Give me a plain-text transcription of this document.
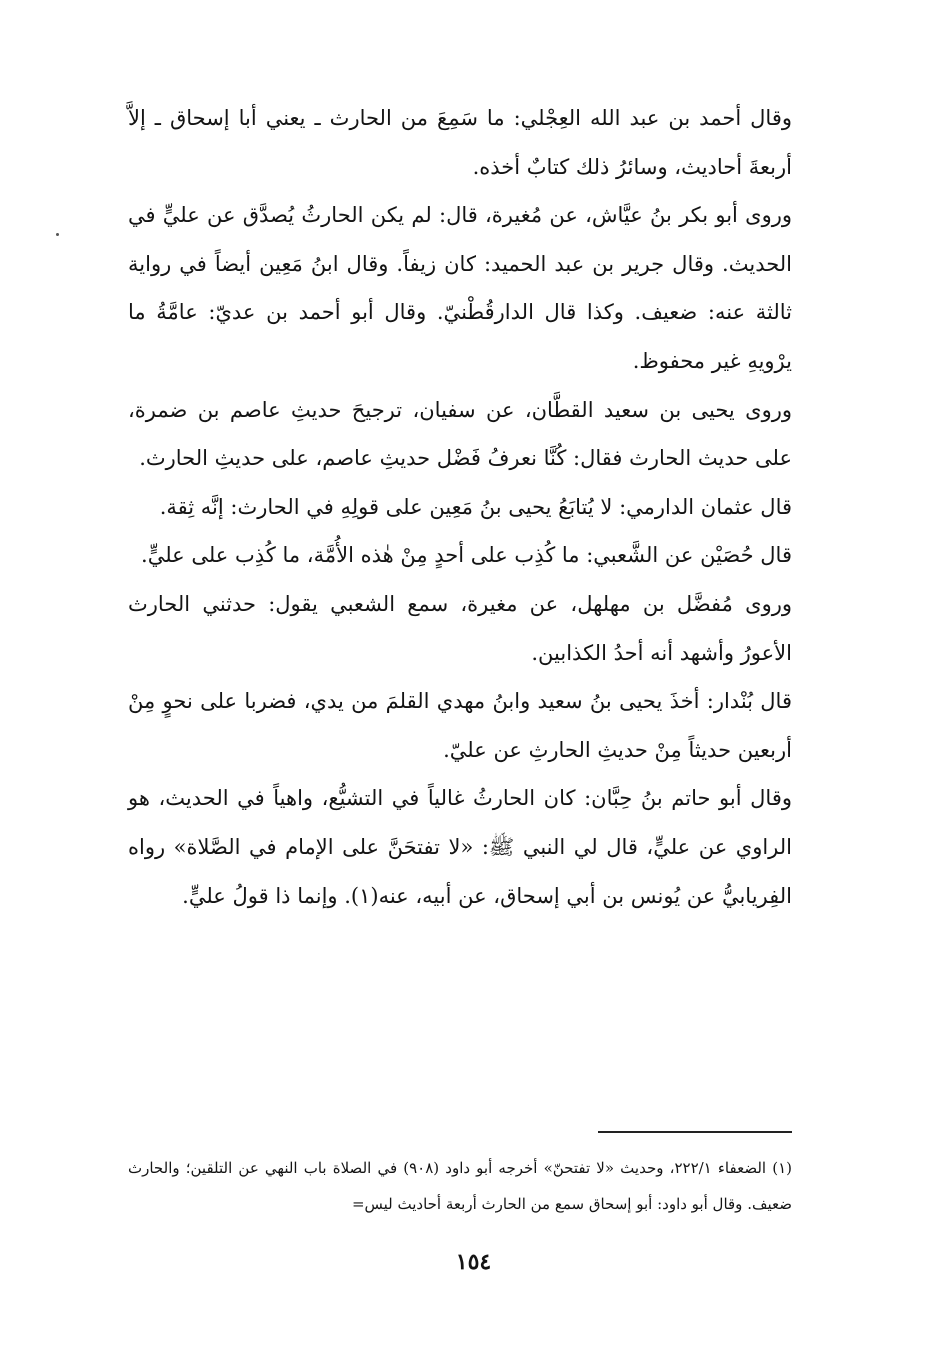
وقال أحمد بن عبد الله العِجْلي: ما سَمِعَ من الحارث ـ يعني أبا إسحاق ـ إلاَّ أربعةَ أحاديث، وسائرُ ذلك كتابٌ أخذه.

وروى أبو بكر بنُ عيَّاش، عن مُغيرة، قال: لم يكن الحارثُ يُصدَّق عن عليٍّ في الحديث. وقال جرير بن عبد الحميد: كان زيفاً. وقال ابنُ مَعِين أيضاً في رواية ثالثة عنه: ضعيف. وكذا قال الدارقُطْنيّ. وقال أبو أحمد بن عديّ: عامَّةُ ما يرْويهِ غير محفوظ.

وروى يحيى بن سعيد القطَّان، عن سفيان، ترجيحَ حديثِ عاصم بن ضمرة، على حديث الحارث فقال: كُنَّا نعرفُ فَضْل حديثِ عاصم، على حديثِ الحارث.

قال عثمان الدارمي: لا يُتابَعُ يحيى بنُ مَعِين على قولِهِ في الحارث: إنَّه ثِقة.

قال حُصَيْن عن الشَّعبي: ما كُذِب على أحدٍ مِنْ هٰذه الأُمَّة، ما كُذِب على عليٍّ.

وروى مُفضَّل بن مهلهل، عن مغيرة، سمع الشعبي يقول: حدثني الحارث الأعورُ وأشهد أنه أحدُ الكذابين.

قال بُنْدار: أخذَ يحيى بنُ سعيد وابنُ مهدي القلمَ من يدي، فضربا على نحوٍ مِنْ أربعين حديثاً مِنْ حديثِ الحارثِ عن عليّ.

وقال أبو حاتم بنُ حِبَّان: كان الحارثُ غالياً في التشيُّع، واهياً في الحديث، هو الراوي عن عليٍّ، قال لي النبي ﷺ: «لا تفتحَنَّ على الإمام في الصَّلاة» رواه الفِريابيُّ عن يُونس بن أبي إسحاق، عن أبيه، عنه(١). وإنما ذا قولُ عليٍّ.

(١) الضعفاء ٢٢٢/١، وحديث «لا تفتحنّ» أخرجه أبو داود (٩٠٨) في الصلاة باب النهي عن التلقين؛ والحارث ضعيف. وقال أبو داود: أبو إسحاق سمع من الحارث أربعة أحاديث ليس=

١٥٤
